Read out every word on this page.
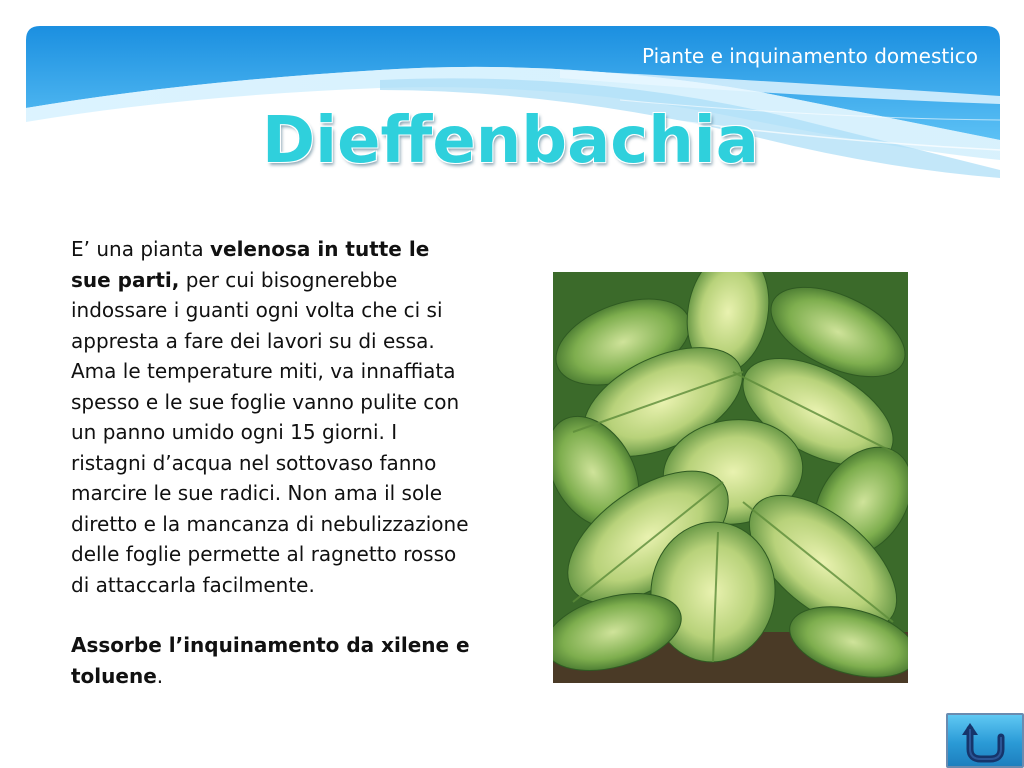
Piante e inquinamento domestico
Dieffenbachia

E’ una pianta velenosa in tutte le sue parti, per cui bisognerebbe indossare i guanti ogni volta che ci si appresta a fare dei lavori su di essa. Ama le temperature miti, va innaffiata spesso e le sue foglie vanno pulite con un panno umido ogni 15 giorni. I ristagni d’acqua nel sottovaso fanno marcire le sue radici. Non ama il sole diretto e la mancanza di nebulizzazione delle foglie permette al ragnetto rosso di attaccarla facilmente.

Assorbe l’inquinamento da xilene e toluene.
